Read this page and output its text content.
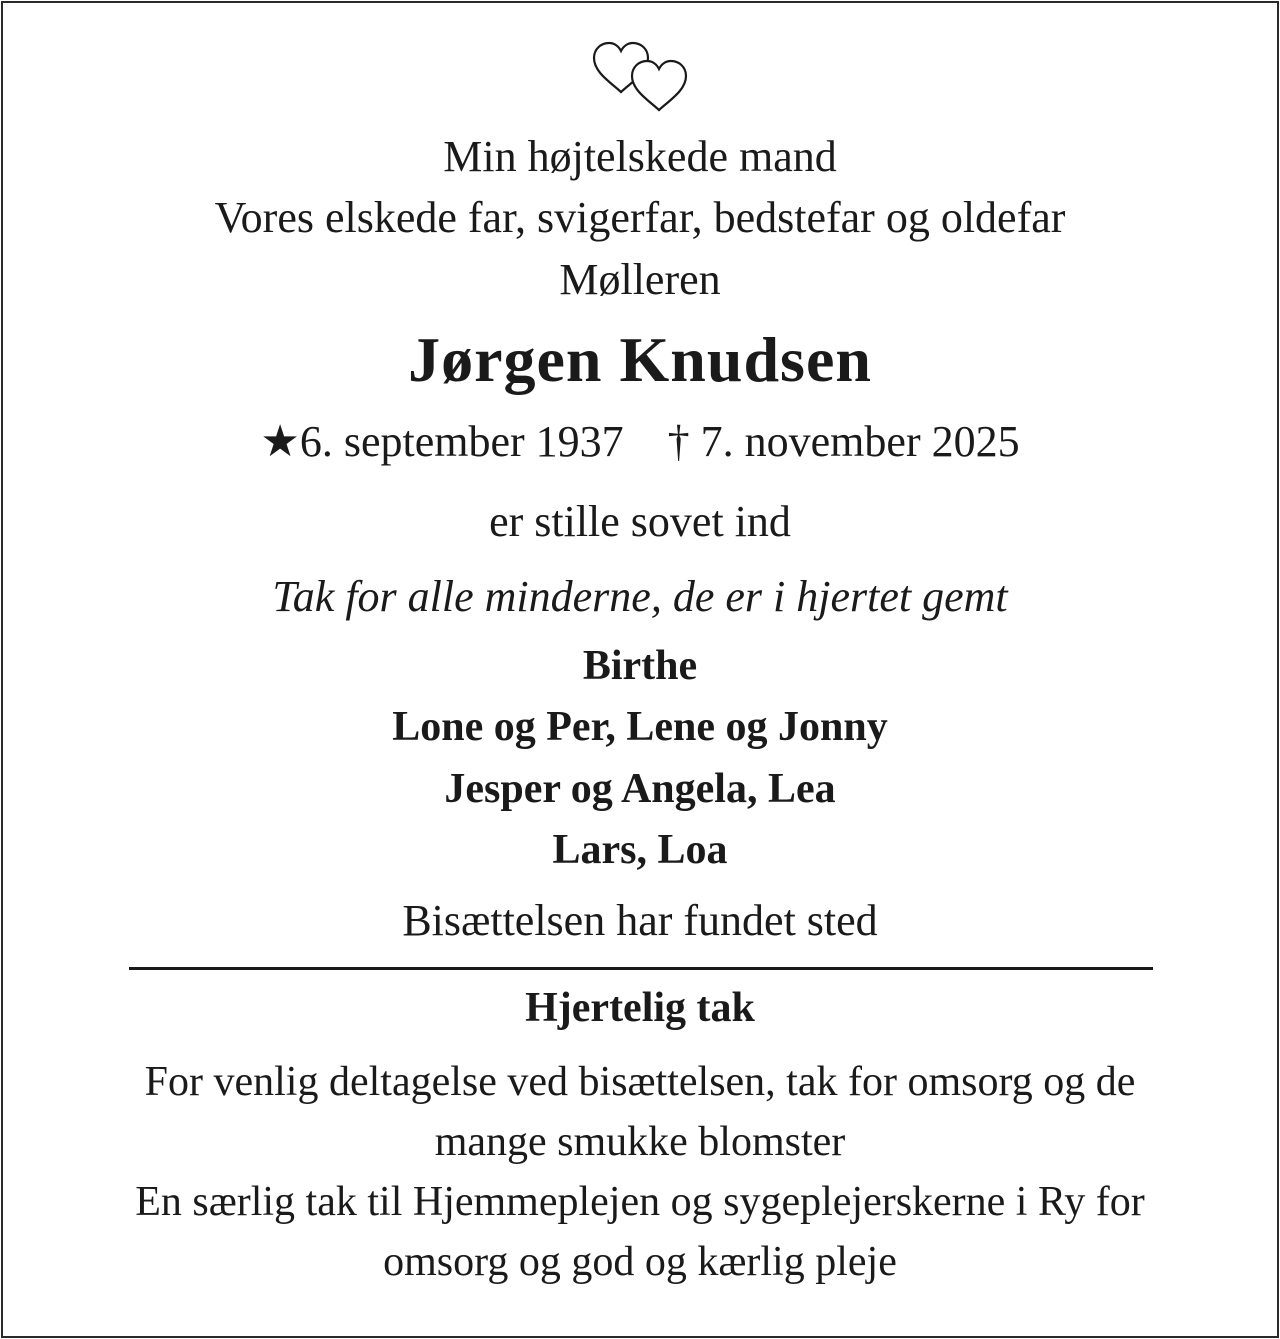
Min højtelskede mand
Vores elskede far, svigerfar, bedstefar og oldefar
Mølleren
Jørgen Knudsen
★6. september 1937 † 7. november 2025
er stille sovet ind
Tak for alle minderne, de er i hjertet gemt
Birthe
Lone og Per, Lene og Jonny
Jesper og Angela, Lea
Lars, Loa
Bisættelsen har fundet sted
Hjertelig tak
For venlig deltagelse ved bisættelsen, tak for omsorg og de
mange smukke blomster
En særlig tak til Hjemmeplejen og sygeplejerskerne i Ry for
omsorg og god og kærlig pleje
